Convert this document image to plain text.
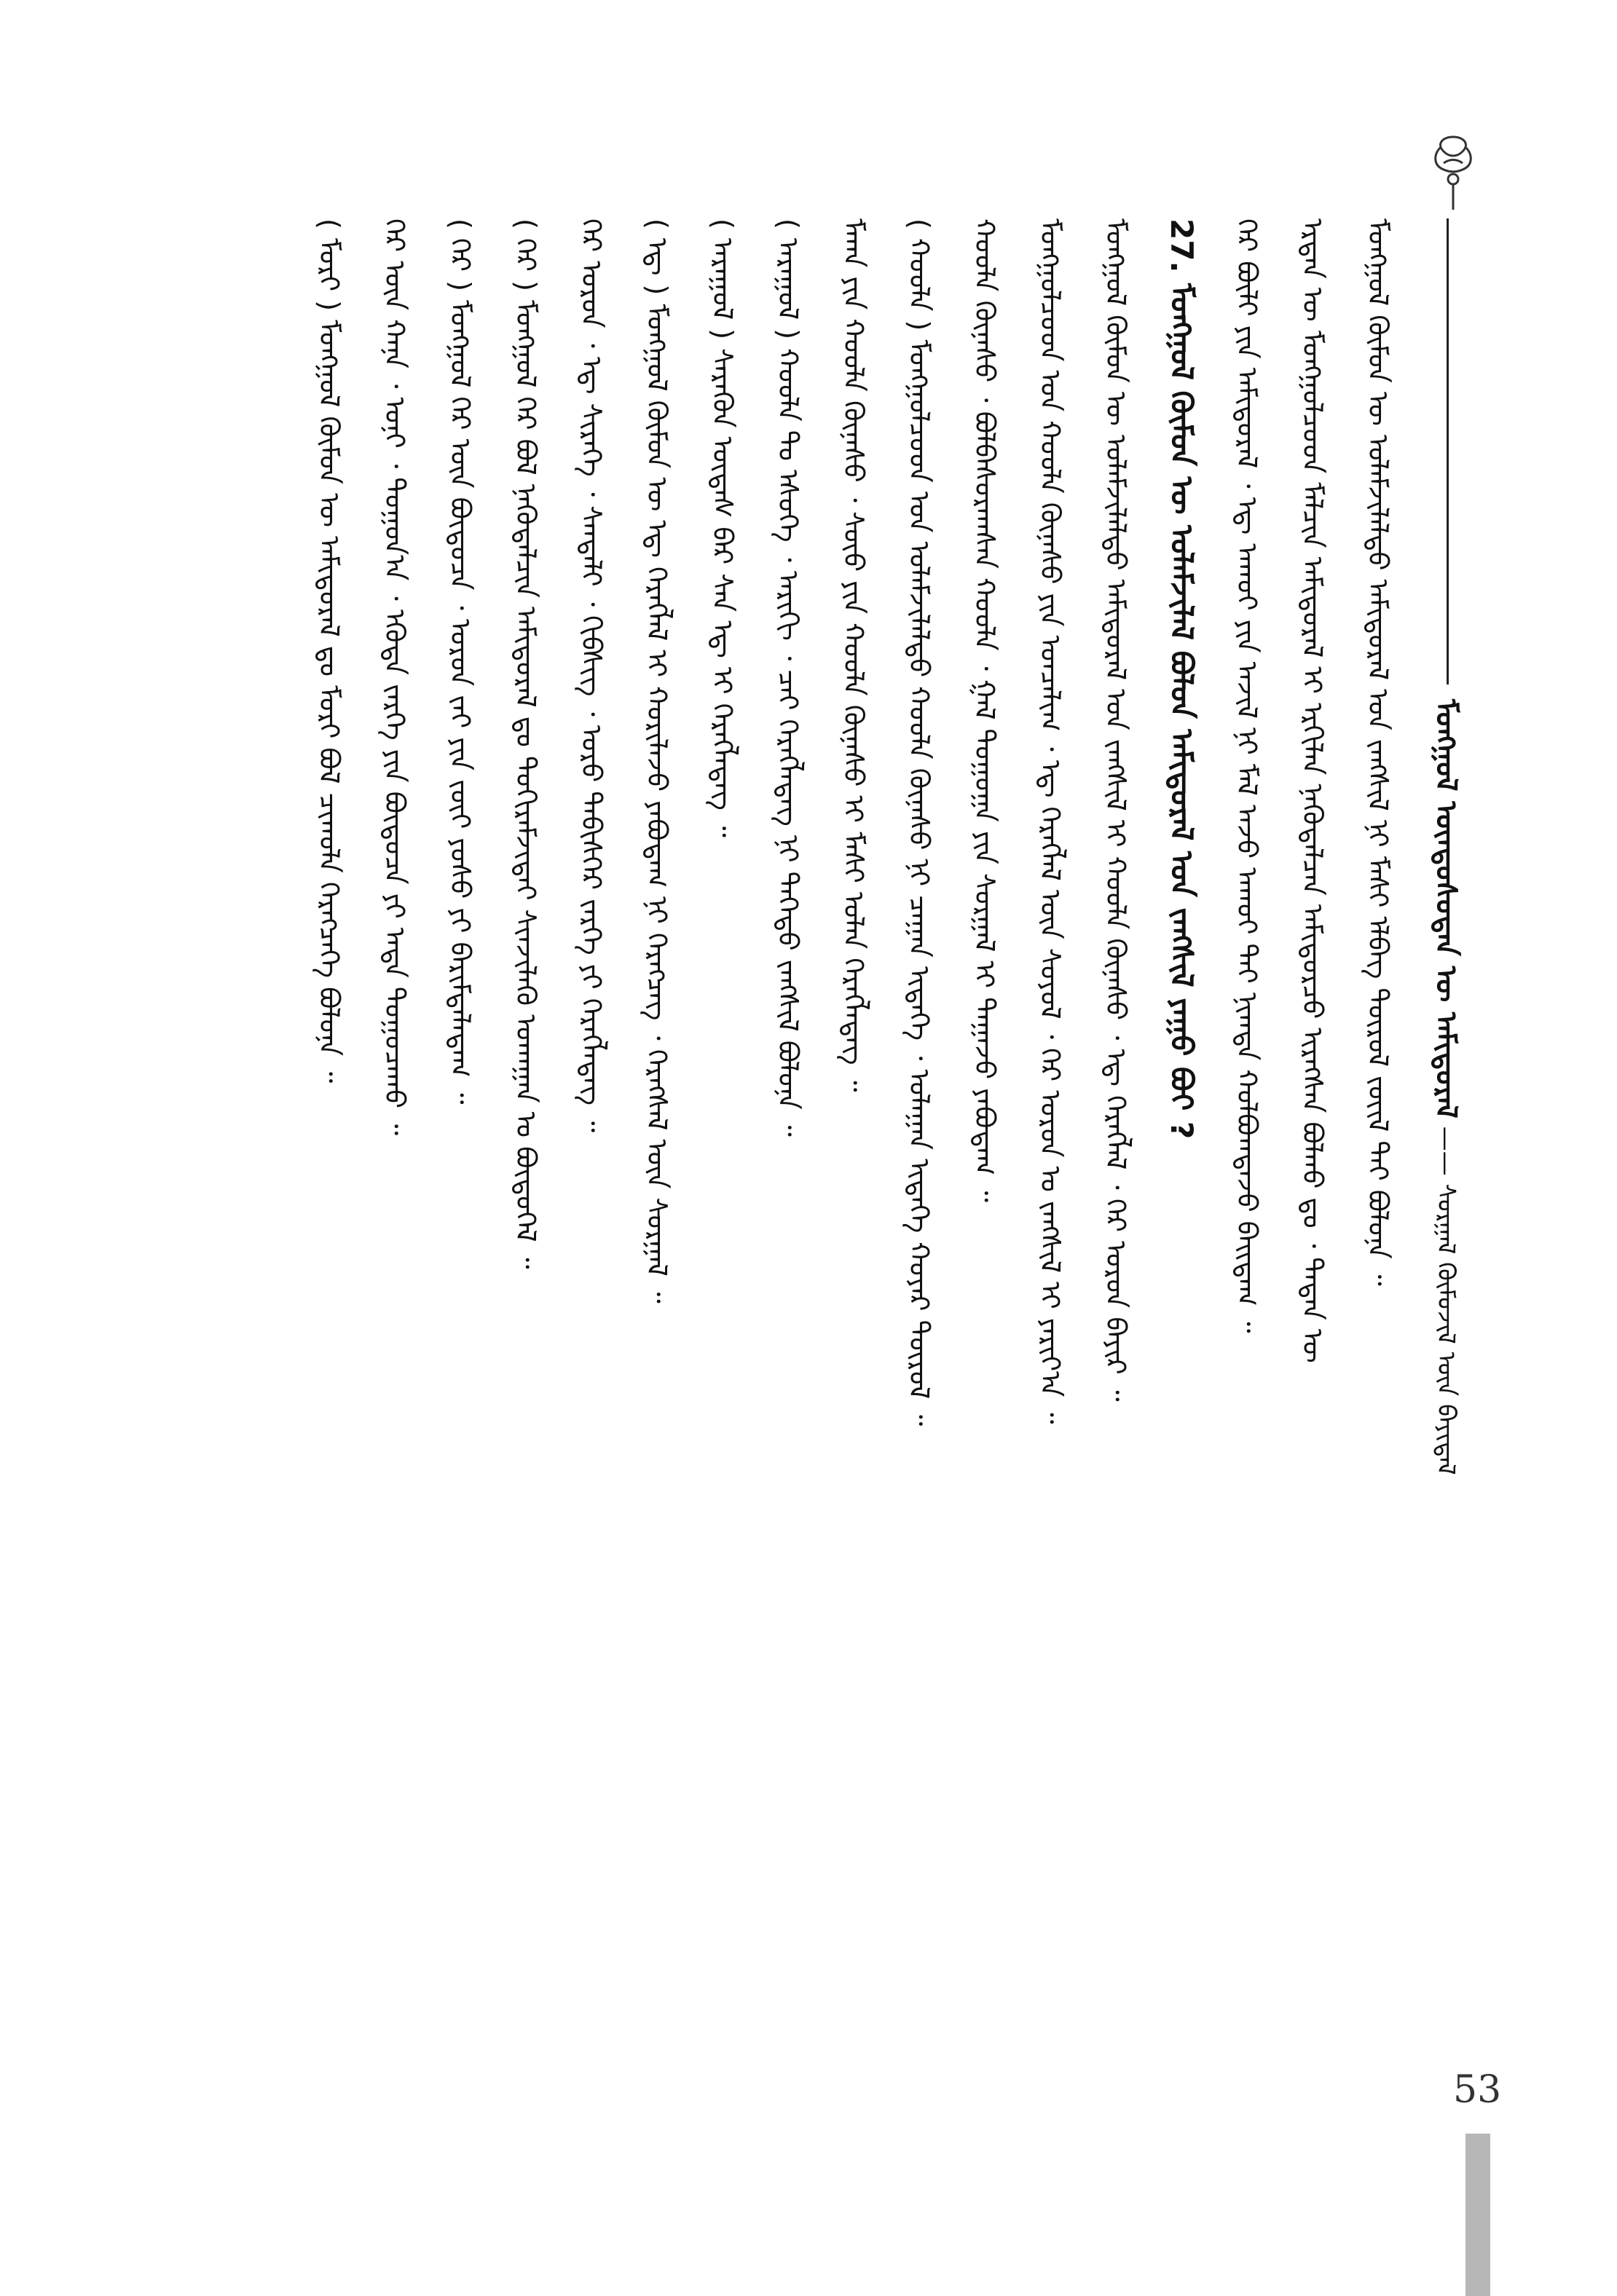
ᠮᠣᠩᠭᠣᠯ ᠦᠨᠳᠦᠰᠦᠲᠡᠨ ᠦ ᠠᠮᠢᠳᠤᠷᠠᠯ —— ᠰᠤᠷᠭᠠᠯ ᠬᠦᠮᠦᠵᠢᠯ ᠦᠨ ᠪᠠᠶᠢᠳᠠᠯ
ᠮᠣᠩᠭᠣᠯ ᠬᠦᠮᠦᠨ ᠦ ᠤᠯᠠᠮᠵᠢᠯᠠᠯᠲᠤ ᠠᠮᠢᠳᠤᠷᠠᠯ ᠤᠨ ᠵᠠᠩᠰᠢᠯ ᠨᠢ ᠮᠠᠰᠢ ᠡᠯᠪᠡᠭ ᠲᠥᠷᠥᠯ ᠵᠦᠢᠯ ᠲᠡᠢ ᠪᠣᠯᠤᠨᠠ ᠃
ᠡᠷᠲᠡᠨ ᠦ ᠮᠣᠩᠭᠣᠯᠴᠤᠳ ᠮᠠᠯᠴᠢᠨ ᠠᠮᠢᠳᠤᠷᠠᠯ ᠢ ᠡᠷᠬᠢᠯᠡᠨ ᠨᠡᠭᠦᠳᠡᠯᠴᠡᠨ ᠠᠮᠢᠳᠤᠷᠴᠤ ᠢᠷᠡᠭᠰᠡᠨ ᠪᠣᠯᠬᠣ ᠳᠤ ᠂ ᠲᠡᠳᠡᠨ ᠦ
ᠭᠡᠷ ᠪᠦᠯᠢ ᠶᠢᠨ ᠠᠮᠢᠳᠤᠷᠠᠯ ᠂ ᠡᠳ᠋ ᠠᠬᠤᠢ ᠶᠢᠨ ᠠᠵᠢᠯ ᠨᠢ ᠮᠠᠯ ᠠᠵᠤ ᠠᠬᠤᠢ ᠲᠠᠢ ᠨᠢᠭᠲᠠ ᠬᠣᠯᠪᠣᠭᠳᠠᠵᠤ ᠪᠠᠢᠳᠠᠭ ᠃
27. ᠮᠣᠩᠭᠣᠯ ᠬᠦᠮᠦᠨ ᠦ ᠤᠯᠠᠮᠵᠢᠯᠠᠯ ᠪᠣᠯᠣᠨ ᠠᠮᠢᠳᠤᠷᠠᠯ ᠤᠨ ᠵᠠᠩᠰᠢᠯ ᠶᠠᠭᠤ ᠪᠤᠢ ?
ᠮᠣᠩᠭᠣᠯ ᠬᠦᠮᠦᠨ ᠦ ᠤᠯᠠᠮᠵᠢᠯᠠᠯᠲᠤ ᠠᠮᠢᠳᠤᠷᠠᠯ ᠤᠨ ᠵᠠᠩᠰᠢᠯ ᠢ ᠬᠣᠣᠯᠠ ᠬᠦᠨᠡᠰᠦ ᠂ ᠡᠳ᠋ ᠬᠡᠷᠡᠭᠯᠡᠯ ᠂ ᠭᠡᠷ ᠣᠷᠣᠨ ᠪᠠᠶᠢᠷ ᠃
ᠮᠣᠩᠭᠣᠯᠴᠤᠳ ᠤᠨ ᠬᠣᠣᠯᠠ ᠬᠦᠨᠡᠰᠦ ᠶᠢᠨ ᠣᠨᠴᠠᠯᠢᠭ ᠂ ᠡᠳ᠋ ᠬᠡᠷᠡᠭᠯᠡᠯ ᠦᠨ ᠰᠣᠶᠣᠯ ᠂ ᠭᠡᠷ ᠣᠷᠣᠨ ᠤ ᠵᠠᠩᠰᠢᠯ ᠢ ᠶᠠᠷᠢᠶ᠎ᠠ ᠃
ᠬᠣᠣᠯᠠ ᠬᠦᠨᠡᠰᠦ ᠂ ᠪᠣᠯᠪᠠᠰᠤᠷᠠᠭᠰᠠᠨ ᠬᠣᠣᠯᠠ ᠂ ᠭᠠᠯ ᠲᠣᠭᠣᠭᠠ ᠶᠢᠨ ᠰᠤᠷᠭᠠᠯ ᠢ ᠳᠠᠭᠠᠵᠤ ᠶᠠᠪᠤᠳᠠᠭ ᠃
( ᠬᠣᠣᠯᠠ ) ᠮᠣᠩᠭᠣᠯᠴᠤᠳ ᠤᠨ ᠤᠯᠠᠮᠵᠢᠯᠠᠯᠲᠤ ᠬᠣᠣᠯᠠ ᠬᠦᠨᠡᠰᠦ ᠨᠢ ᠴᠠᠭᠠᠨ ᠢᠳᠡᠭᠡ ᠂ ᠤᠯᠠᠭᠠᠨ ᠢᠳᠡᠭᠡ ᠬᠣᠶᠠᠷ ᠲᠥᠷᠥᠯ ᠃
ᠮᠠᠬᠠ ᠶᠢᠨ ᠬᠣᠣᠯᠠ ᠬᠦᠨᠡᠰᠦ ᠂ ᠰᠦᠦ ᠶᠢᠨ ᠬᠣᠣᠯᠠ ᠬᠦᠨᠡᠰᠦ ᠢ ᠮᠠᠰᠢ ᠣᠯᠠᠨ ᠬᠡᠷᠡᠭᠯᠡᠳᠡᠭ ᠃
( ᠠᠷᠠᠭᠤᠯ ) ᠬᠣᠣᠯᠠ ᠲᠤ ᠡᠰᠦᠭᠡ ᠂ ᠠᠷᠢᠬᠢ ᠂ ᠴᠠᠢ ᠬᠡᠷᠡᠭᠯᠡᠳᠡᠭ ᠨᠢ ᠳᠡᠭᠡᠳᠦ ᠵᠠᠩᠰᠢᠯ ᠪᠣᠯᠤᠨᠠ ᠃
( ᠠᠷᠠᠭᠤᠯ ) ᠰᠡᠷᠡᠭᠦᠨ ᠦᠳᠡᠰ ᠪᠠᠷ ᠰᠡᠨ ᠡᠳ᠋ ᠢ ᠬᠡᠷᠡᠭᠯᠡᠳᠡᠭ ᠃
( ᠡᠳ᠋ ) ᠮᠣᠩᠭᠣᠯ ᠬᠦᠮᠦᠨ ᠦ ᠡᠳ᠋ ᠬᠡᠷᠡᠭᠯᠡᠯ ᠢ ᠬᠣᠷᠢᠯᠠᠵᠤ ᠶᠠᠪᠤᠳᠠᠭ ᠨᠢ ᠬᠡᠷᠡᠭᠴᠡᠭ ᠂ ᠬᠡᠷᠡᠭᠰᠡᠯ ᠦᠨ ᠰᠤᠷᠭᠠᠯ ᠃
ᠭᠡᠷ ᠣᠷᠣᠨ ᠂ ᠡᠳ᠋ ᠰᠢᠷᠡᠭᠡ ᠂ ᠰᠠᠨᠳᠠᠯᠢ ᠂ ᠬᠢᠪᠰᠢᠭ ᠂ ᠣᠷᠣ ᠳᠡᠪᠢᠰᠬᠡᠷ ᠵᠡᠷᠭᠡ ᠶᠢ ᠬᠡᠷᠡᠭᠯᠡᠳᠡᠭ ᠃
( ᠭᠡᠷ ) ᠮᠣᠩᠭᠣᠯ ᠭᠡᠷ ᠪᠣᠯ ᠨᠡᠭᠦᠳᠡᠯᠴᠢᠨ ᠠᠮᠢᠳᠤᠷᠠᠯ ᠳᠤ ᠳᠤᠬᠢᠷᠠᠮᠵᠢᠲᠠᠢ ᠰᠢᠨᠵᠢᠯᠡᠬᠦ ᠤᠬᠠᠭᠠᠨ ᠤ ᠪᠦᠲᠦᠭᠡᠯ ᠃
( ᠭᠡᠷ ) ᠮᠣᠩᠭᠣᠯ ᠭᠡᠷ ᠦᠨ ᠪᠦᠲᠦᠴᠡ ᠂ ᠣᠷᠣᠨ ᠵᠠᠢ ᠶᠢᠨ ᠵᠦᠢ ᠶᠣᠰᠣ ᠶᠢ ᠪᠠᠷᠢᠮᠲᠠᠯᠠᠳᠠᠭ ᠃
ᠭᠡᠷ ᠦᠨ ᠬᠠᠨᠠ ᠂ ᠣᠨᠢ ᠂ ᠲᠣᠭᠣᠨ᠎ᠠ ᠂ ᠡᠭᠦᠳᠡ ᠵᠡᠷᠭᠡ ᠶᠢᠨ ᠪᠦᠲᠦᠴᠡ ᠶᠢ ᠡᠨᠳᠡ ᠲᠣᠭᠣᠴᠠᠬᠤ ᠃
( ᠮᠣᠷᠢ ) ᠮᠣᠩᠭᠣᠯ ᠬᠦᠮᠦᠨ ᠦ ᠠᠮᠢᠳᠤᠷᠠᠯ ᠳᠤ ᠮᠣᠷᠢ ᠪᠣᠯ ᠴᠢᠬᠤᠯᠠ ᠬᠡᠷᠡᠭᠴᠡᠭᠡ ᠪᠣᠯᠤᠨᠠ ᠃
53
